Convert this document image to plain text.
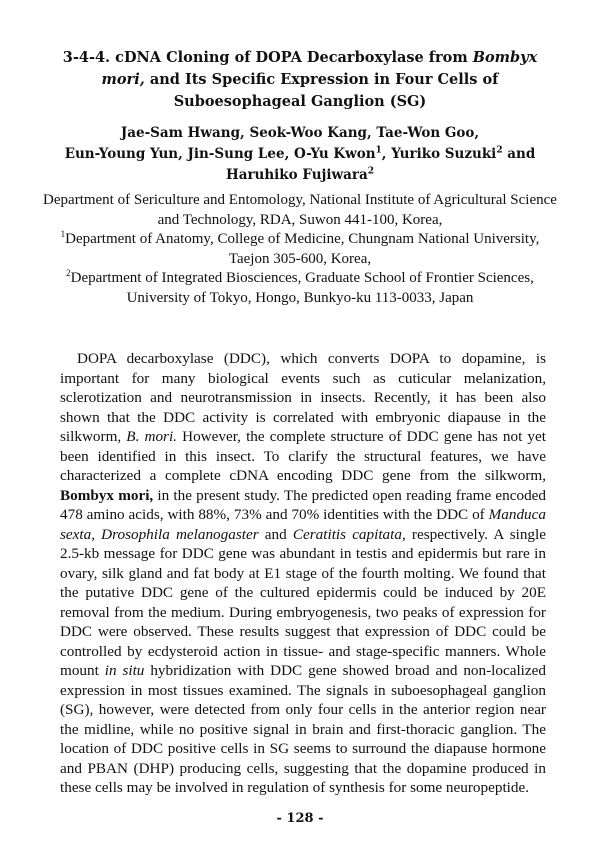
3-4-4. cDNA Cloning of DOPA Decarboxylase from Bombyx mori, and Its Specific Expression in Four Cells of Suboesophageal Ganglion (SG)
Jae-Sam Hwang, Seok-Woo Kang, Tae-Won Goo,
Eun-Young Yun, Jin-Sung Lee, O-Yu Kwon$^1$, Yuriko Suzuki$^2$ and Haruhiko Fujiwara$^2$

Department of Sericulture and Entomology, National Institute of Agricultural Science and Technology, RDA, Suwon 441-100, Korea,

$^1$Department of Anatomy, College of Medicine, Chungnam National University, Taejon 305-600, Korea,

$^2$Department of Integrated Biosciences, Graduate School of Frontier Sciences, University of Tokyo, Hongo, Bunkyo-ku 113-0033, Japan

DOPA decarboxylase (DDC), which converts DOPA to dopamine, is important for many biological events such as cuticular melanization, sclerotization and neurotransmission in insects. Recently, it has been also shown that the DDC activity is correlated with embryonic diapause in the silkworm, B. mori. However, the complete structure of DDC gene has not yet been identified in this insect. To clarify the structural features, we have characterized a complete cDNA encoding DDC gene from the silkworm, Bombyx mori, in the present study. The predicted open reading frame encoded 478 amino acids, with 88%, 73% and 70% identities with the DDC of Manduca sexta, Drosophila melanogaster and Ceratitis capitata, respectively. A single 2.5-kb message for DDC gene was abundant in testis and epidermis but rare in ovary, silk gland and fat body at E1 stage of the fourth molting. We found that the putative DDC gene of the cultured epidermis could be induced by 20E removal from the medium. During embryogenesis, two peaks of expression for DDC were observed. These results suggest that expression of DDC could be controlled by ecdysteroid action in tissue- and stage-specific manners. Whole mount in situ hybridization with DDC gene showed broad and non-localized expression in most tissues examined. The signals in suboesophageal ganglion (SG), however, were detected from only four cells in the anterior region near the midline, while no positive signal in brain and first-thoracic ganglion. The location of DDC positive cells in SG seems to surround the diapause hormone and PBAN (DHP) producing cells, suggesting that the dopamine produced in these cells may be involved in regulation of synthesis for some neuropeptide.

- 128 -
